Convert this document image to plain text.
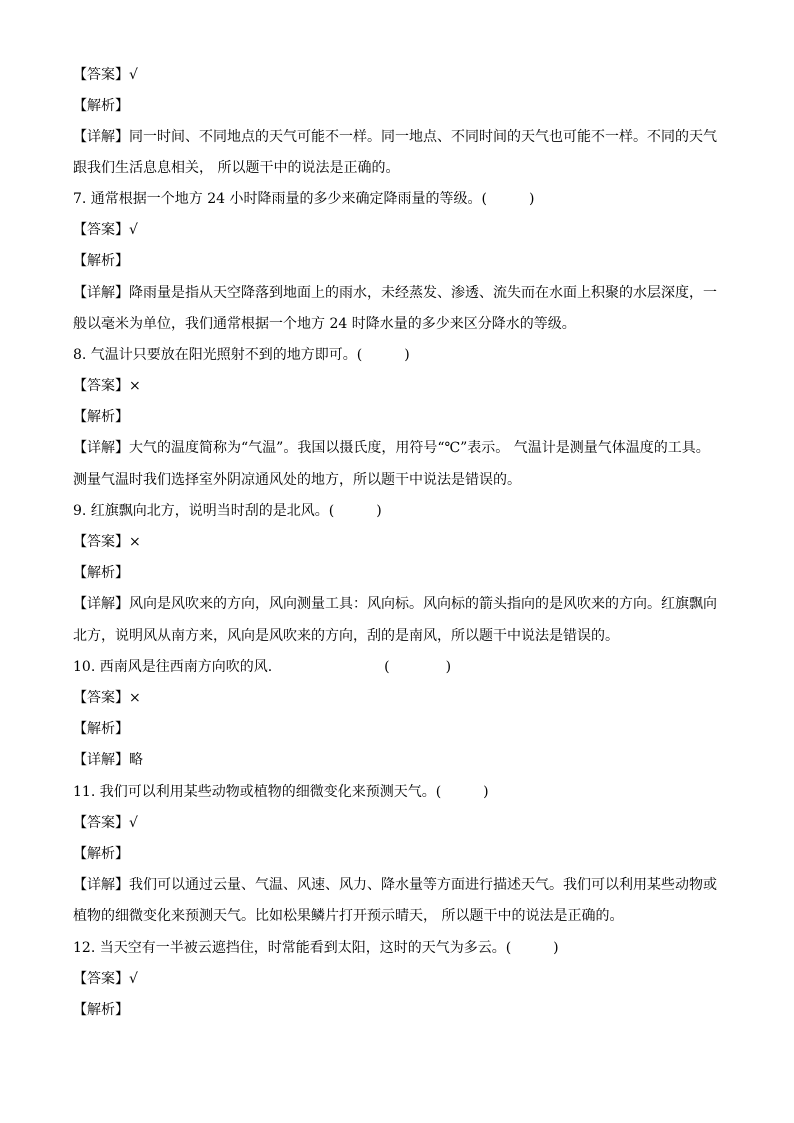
【答案】√
【解析】
【详解】同一时间、不同地点的天气可能不一样。同一地点、不同时间的天气也可能不一样。不同的天气
跟我们生活息息相关， 所以题干中的说法是正确的。
7. 通常根据一个地方 24 小时降雨量的多少来确定降雨量的等级。(　　　)
【答案】√
【解析】
【详解】降雨量是指从天空降落到地面上的雨水，未经蒸发、渗透、流失而在水面上积聚的水层深度，一
般以毫米为单位，我们通常根据一个地方 24 时降水量的多少来区分降水的等级。
8. 气温计只要放在阳光照射不到的地方即可。(　　　)
【答案】×
【解析】
【详解】大气的温度简称为“气温”。我国以摄氏度，用符号“℃”表示。 气温计是测量气体温度的工具。
测量气温时我们选择室外阴凉通风处的地方，所以题干中说法是错误的。
9. 红旗飘向北方，说明当时刮的是北风。(　　　)
【答案】×
【解析】
【详解】风向是风吹来的方向，风向测量工具：风向标。风向标的箭头指向的是风吹来的方向。红旗飘向
北方，说明风从南方来，风向是风吹来的方向，刮的是南风，所以题干中说法是错误的。
10. 西南风是往西南方向吹的风.　　　　　　　　(　　　　)
【答案】×
【解析】
【详解】略
11. 我们可以利用某些动物或植物的细微变化来预测天气。(　　　)
【答案】√
【解析】
【详解】我们可以通过云量、气温、风速、风力、降水量等方面进行描述天气。我们可以利用某些动物或
植物的细微变化来预测天气。比如松果鳞片打开预示晴天， 所以题干中的说法是正确的。
12. 当天空有一半被云遮挡住，时常能看到太阳，这时的天气为多云。(　　　)
【答案】√
【解析】
